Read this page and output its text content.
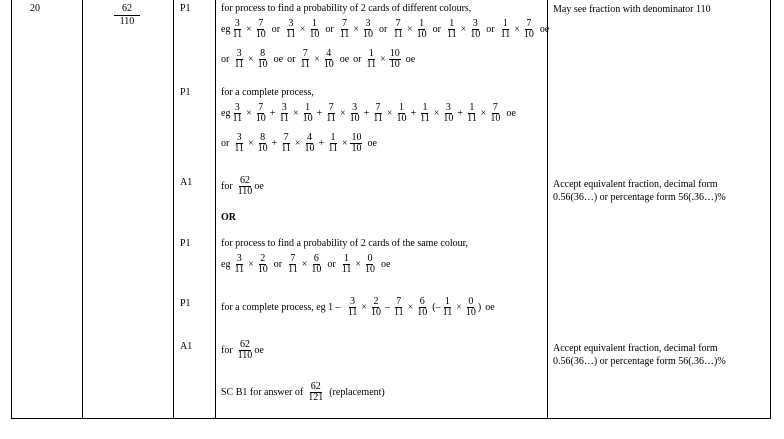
20	62
110
P1
P1
A1
P1
P1
A1
May see fraction with denominator 110
Accept equivalent fraction, decimal form
0.56(36…) or percentage form 56(.36…)%
Accept equivalent fraction, decimal form
0.56(36…) or percentage form 56(.36…)%
for process to find a probability of 2 cards of different colours,
eg $\frac{3}{11} \times \frac{7}{10}$ or $\frac{3}{11} \times \frac{1}{10}$ or $\frac{7}{11} \times \frac{3}{10}$ or $\frac{7}{11} \times \frac{1}{10}$ or $\frac{1}{11} \times \frac{3}{10}$ or $\frac{1}{11} \times \frac{7}{10}$ oe
or $\frac{3}{11} \times \frac{8}{10}$ oe or $\frac{7}{11} \times \frac{4}{10}$ oe or $\frac{1}{11} \times \frac{10}{10}$ oe
for a complete process,
eg $\frac{3}{11} \times \frac{7}{10} + \frac{3}{11} \times \frac{1}{10} + \frac{7}{11} \times \frac{3}{10} + \frac{7}{11} \times \frac{1}{10} + \frac{1}{11} \times \frac{3}{10} + \frac{1}{11} \times \frac{7}{10}$ oe
or $\frac{3}{11} \times \frac{8}{10} + \frac{7}{11} \times \frac{4}{10} + \frac{1}{11} \times \frac{10}{10}$ oe
for
62
110 oe
OR
for process to find a probability of 2 cards of the same colour,
eg $\frac{3}{11} \times \frac{2}{10}$ or $\frac{7}{11} \times \frac{6}{10}$ or $\frac{1}{11} \times \frac{0}{10}$ oe
for a complete process, eg $1 - \frac{3}{11} \times \frac{2}{10} - \frac{7}{11} \times \frac{6}{10}$ (– $\frac{1}{11} \times \frac{0}{10}$ ) oe
for
62
110 oe
SC B1 for answer of
62
121 (replacement)
